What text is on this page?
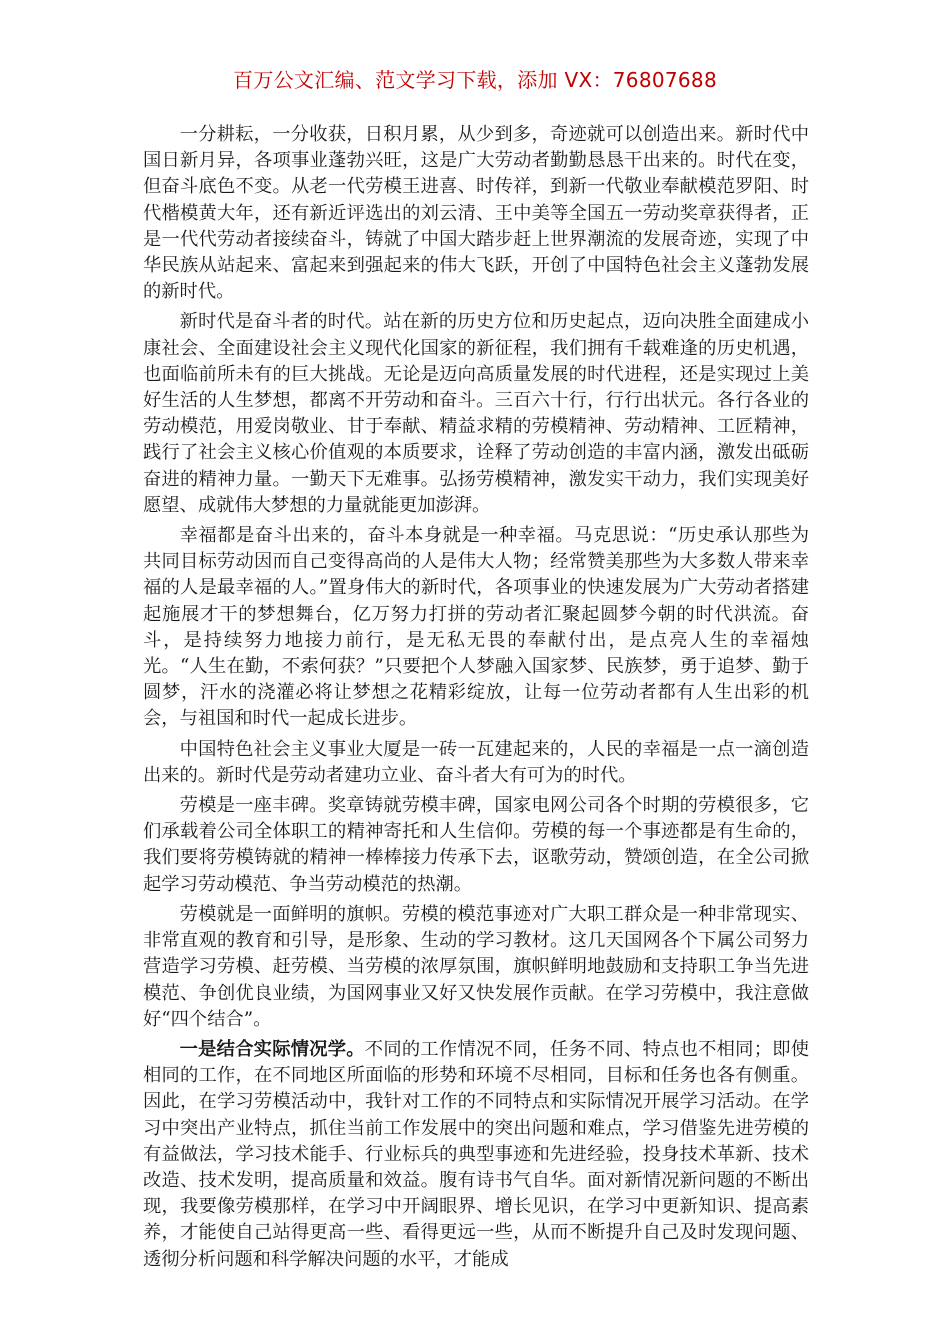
百万公文汇编、范文学习下载，添加 VX：76807688

一分耕耘，一分收获，日积月累，从少到多，奇迹就可以创造出来。新时代中国日新月异，各项事业蓬勃兴旺，这是广大劳动者勤勤恳恳干出来的。时代在变，但奋斗底色不变。从老一代劳模王进喜、时传祥，到新一代敬业奉献模范罗阳、时代楷模黄大年，还有新近评选出的刘云清、王中美等全国五一劳动奖章获得者，正是一代代劳动者接续奋斗，铸就了中国大踏步赶上世界潮流的发展奇迹，实现了中华民族从站起来、富起来到强起来的伟大飞跃，开创了中国特色社会主义蓬勃发展的新时代。

新时代是奋斗者的时代。站在新的历史方位和历史起点，迈向决胜全面建成小康社会、全面建设社会主义现代化国家的新征程，我们拥有千载难逢的历史机遇，也面临前所未有的巨大挑战。无论是迈向高质量发展的时代进程，还是实现过上美好生活的人生梦想，都离不开劳动和奋斗。三百六十行，行行出状元。各行各业的劳动模范，用爱岗敬业、甘于奉献、精益求精的劳模精神、劳动精神、工匠精神，践行了社会主义核心价值观的本质要求，诠释了劳动创造的丰富内涵，激发出砥砺奋进的精神力量。一勤天下无难事。弘扬劳模精神，激发实干动力，我们实现美好愿望、成就伟大梦想的力量就能更加澎湃。

幸福都是奋斗出来的，奋斗本身就是一种幸福。马克思说：“历史承认那些为共同目标劳动因而自己变得高尚的人是伟大人物；经常赞美那些为大多数人带来幸福的人是最幸福的人。”置身伟大的新时代，各项事业的快速发展为广大劳动者搭建起施展才干的梦想舞台，亿万努力打拼的劳动者汇聚起圆梦今朝的时代洪流。奋斗，是持续努力地接力前行，是无私无畏的奉献付出，是点亮人生的幸福烛光。“人生在勤，不索何获？”只要把个人梦融入国家梦、民族梦，勇于追梦、勤于圆梦，汗水的浇灌必将让梦想之花精彩绽放，让每一位劳动者都有人生出彩的机会，与祖国和时代一起成长进步。

中国特色社会主义事业大厦是一砖一瓦建起来的，人民的幸福是一点一滴创造出来的。新时代是劳动者建功立业、奋斗者大有可为的时代。

劳模是一座丰碑。奖章铸就劳模丰碑，国家电网公司各个时期的劳模很多，它们承载着公司全体职工的精神寄托和人生信仰。劳模的每一个事迹都是有生命的，我们要将劳模铸就的精神一棒棒接力传承下去，讴歌劳动，赞颂创造，在全公司掀起学习劳动模范、争当劳动模范的热潮。

劳模就是一面鲜明的旗帜。劳模的模范事迹对广大职工群众是一种非常现实、非常直观的教育和引导，是形象、生动的学习教材。这几天国网各个下属公司努力营造学习劳模、赶劳模、当劳模的浓厚氛围，旗帜鲜明地鼓励和支持职工争当先进模范、争创优良业绩，为国网事业又好又快发展作贡献。在学习劳模中，我注意做好“四个结合”。

一是结合实际情况学。不同的工作情况不同，任务不同、特点也不相同；即使相同的工作，在不同地区所面临的形势和环境不尽相同，目标和任务也各有侧重。因此，在学习劳模活动中，我针对工作的不同特点和实际情况开展学习活动。在学习中突出产业特点，抓住当前工作发展中的突出问题和难点，学习借鉴先进劳模的有益做法，学习技术能手、行业标兵的典型事迹和先进经验，投身技术革新、技术改造、技术发明，提高质量和效益。腹有诗书气自华。面对新情况新问题的不断出现，我要像劳模那样，在学习中开阔眼界、增长见识，在学习中更新知识、提高素养，才能使自己站得更高一些、看得更远一些，从而不断提升自己及时发现问题、透彻分析问题和科学解决问题的水平，才能成
